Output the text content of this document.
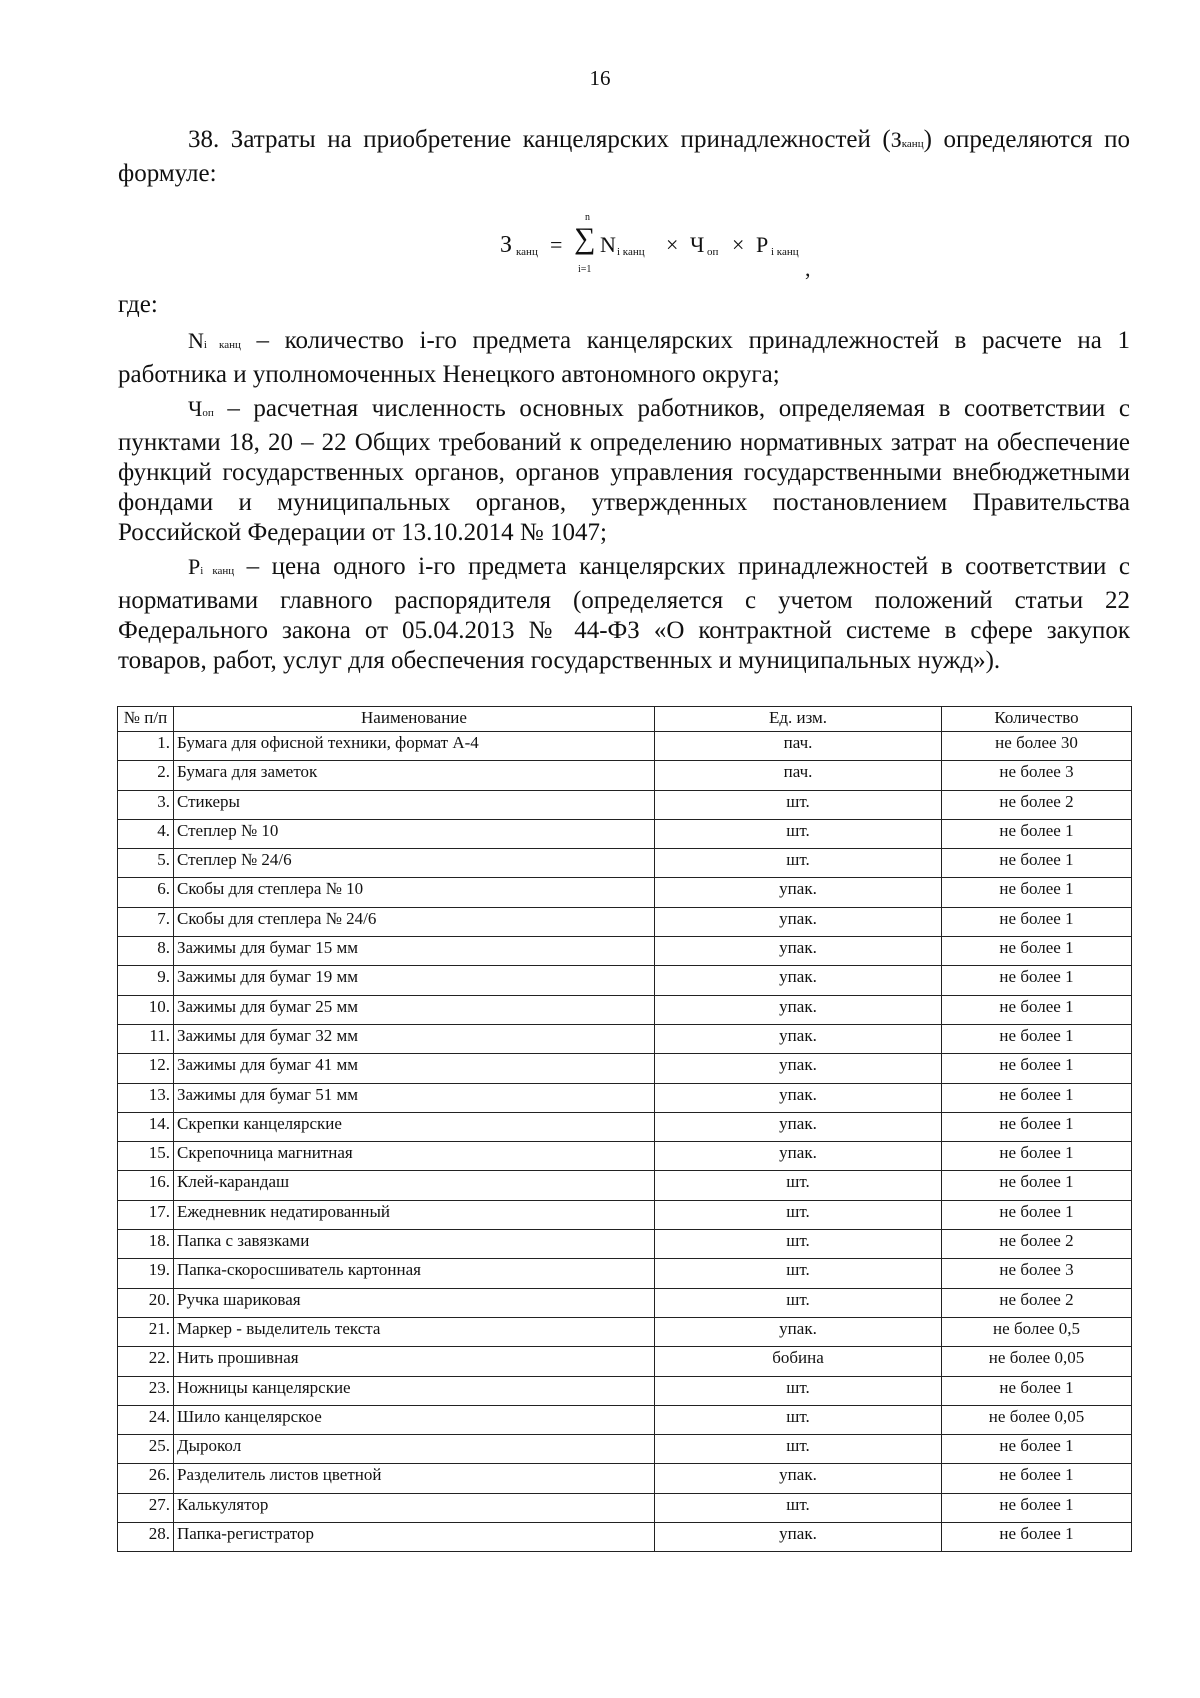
16
38. Затраты на приобретение канцелярских принадлежностей (Зканц) определяются по формуле:
З канц =
n
∑
i=1
N i канц × Ч оп × P i канц
,
где:
Ni канц – количество i-го предмета канцелярских принадлежностей в расчете на 1 работника и уполномоченных Ненецкого автономного округа;
Чоп – расчетная численность основных работников, определяемая в соответствии с пунктами 18, 20 – 22 Общих требований к определению нормативных затрат на обеспечение функций государственных органов, органов управления государственными внебюджетными фондами и муниципальных органов, утвержденных постановлением Правительства Российской Федерации от 13.10.2014 № 1047;
Pi канц – цена одного i-го предмета канцелярских принадлежностей в соответствии с нормативами главного распорядителя (определяется с учетом положений статьи 22 Федерального закона от 05.04.2013 № 44-ФЗ «О контрактной системе в сфере закупок товаров, работ, услуг для обеспечения государственных и муниципальных нужд»).
№ п/п	Наименование	Ед. изм.	Количество
1.	Бумага для офисной техники, формат А-4	пач.	не более 30
2.	Бумага для заметок	пач.	не более 3
3.	Стикеры	шт.	не более 2
4.	Степлер № 10	шт.	не более 1
5.	Степлер № 24/6	шт.	не более 1
6.	Скобы для степлера № 10	упак.	не более 1
7.	Скобы для степлера № 24/6	упак.	не более 1
8.	Зажимы для бумаг 15 мм	упак.	не более 1
9.	Зажимы для бумаг 19 мм	упак.	не более 1
10.	Зажимы для бумаг 25 мм	упак.	не более 1
11.	Зажимы для бумаг 32 мм	упак.	не более 1
12.	Зажимы для бумаг 41 мм	упак.	не более 1
13.	Зажимы для бумаг 51 мм	упак.	не более 1
14.	Скрепки канцелярские	упак.	не более 1
15.	Скрепочница магнитная	упак.	не более 1
16.	Клей-карандаш	шт.	не более 1
17.	Ежедневник недатированный	шт.	не более 1
18.	Папка с завязками	шт.	не более 2
19.	Папка-скоросшиватель картонная	шт.	не более 3
20.	Ручка шариковая	шт.	не более 2
21.	Маркер - выделитель текста	упак.	не более 0,5
22.	Нить прошивная	бобина	не более 0,05
23.	Ножницы канцелярские	шт.	не более 1
24.	Шило канцелярское	шт.	не более 0,05
25.	Дырокол	шт.	не более 1
26.	Разделитель листов цветной	упак.	не более 1
27.	Калькулятор	шт.	не более 1
28.	Папка-регистратор	упак.	не более 1
